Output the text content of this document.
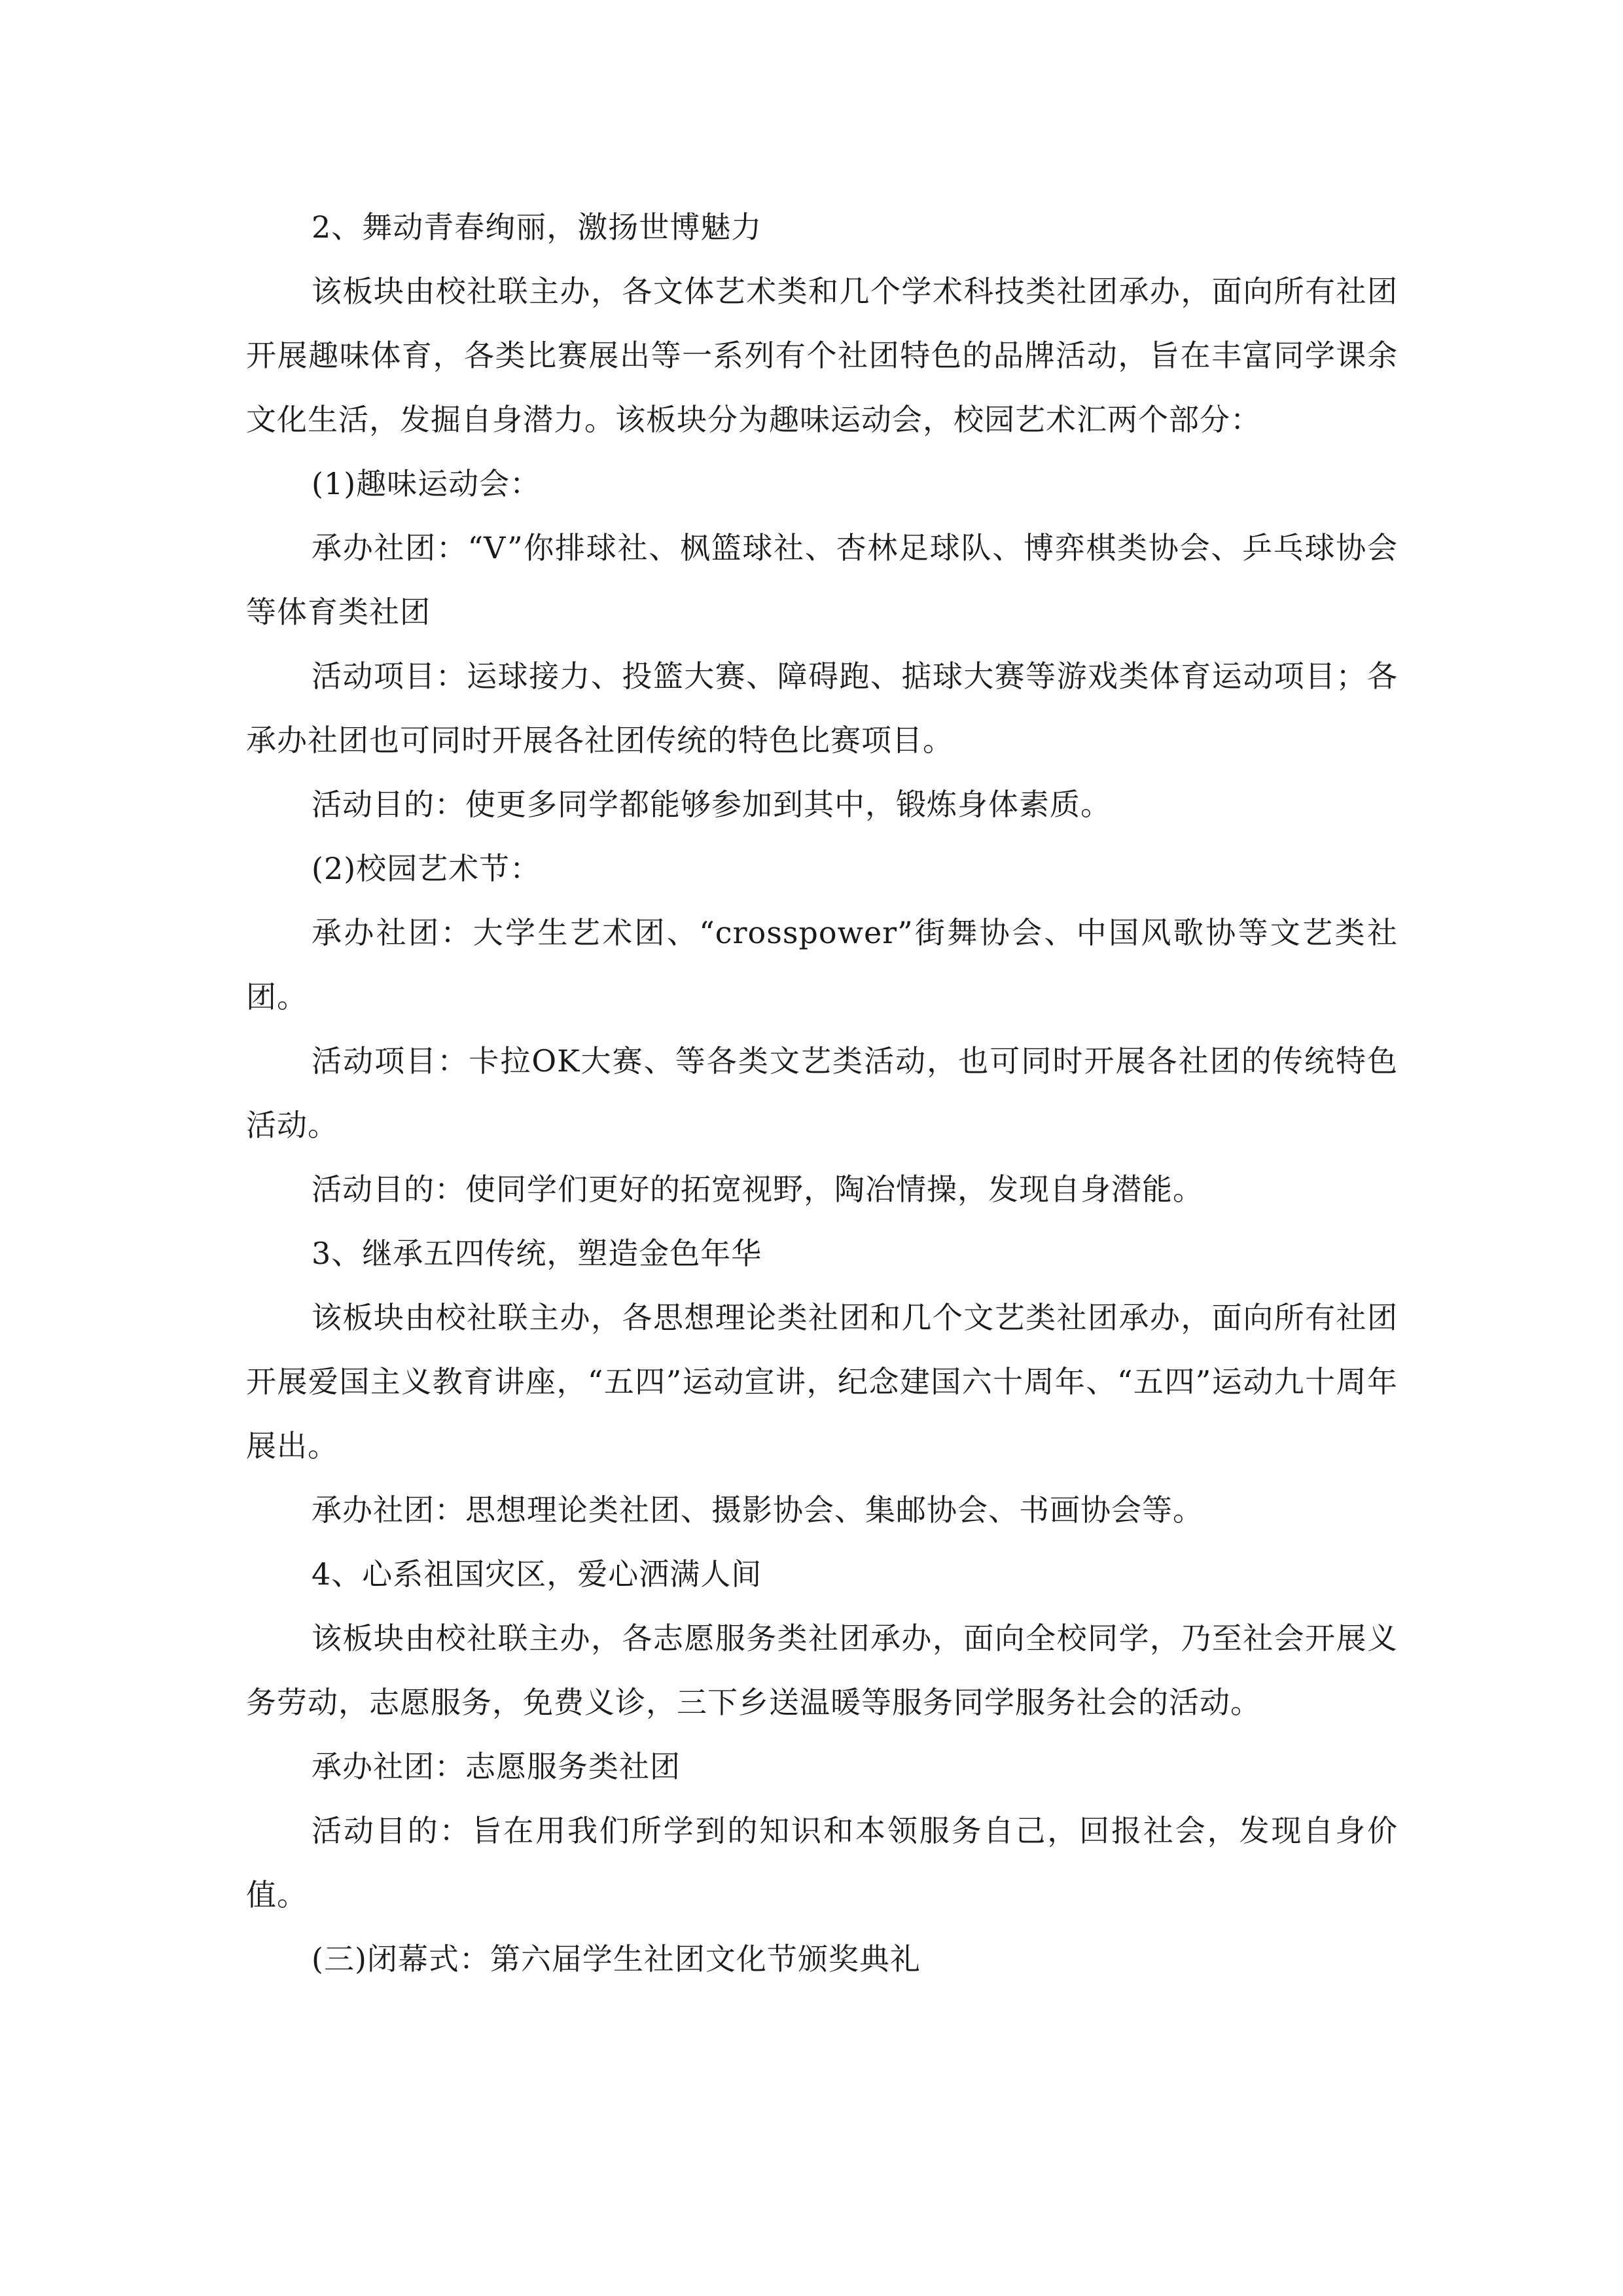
2、舞动青春绚丽，激扬世博魅力

该板块由校社联主办，各文体艺术类和几个学术科技类社团承办，面向所有社团开展趣味体育，各类比赛展出等一系列有个社团特色的品牌活动，旨在丰富同学课余文化生活，发掘自身潜力。该板块分为趣味运动会，校园艺术汇两个部分：

(1)趣味运动会：

承办社团：“V”你排球社、枫篮球社、杏林足球队、博弈棋类协会、乒乓球协会等体育类社团

活动项目：运球接力、投篮大赛、障碍跑、掂球大赛等游戏类体育运动项目；各承办社团也可同时开展各社团传统的特色比赛项目。

活动目的：使更多同学都能够参加到其中，锻炼身体素质。

(2)校园艺术节：

承办社团：大学生艺术团、“crosspower”街舞协会、中国风歌协等文艺类社团。

活动项目：卡拉OK大赛、等各类文艺类活动，也可同时开展各社团的传统特色活动。

活动目的：使同学们更好的拓宽视野，陶冶情操，发现自身潜能。

3、继承五四传统，塑造金色年华

该板块由校社联主办，各思想理论类社团和几个文艺类社团承办，面向所有社团开展爱国主义教育讲座，“五四”运动宣讲，纪念建国六十周年、“五四”运动九十周年展出。

承办社团：思想理论类社团、摄影协会、集邮协会、书画协会等。

4、心系祖国灾区，爱心洒满人间

该板块由校社联主办，各志愿服务类社团承办，面向全校同学，乃至社会开展义务劳动，志愿服务，免费义诊，三下乡送温暖等服务同学服务社会的活动。

承办社团：志愿服务类社团

活动目的：旨在用我们所学到的知识和本领服务自己，回报社会，发现自身价值。

(三)闭幕式：第六届学生社团文化节颁奖典礼
